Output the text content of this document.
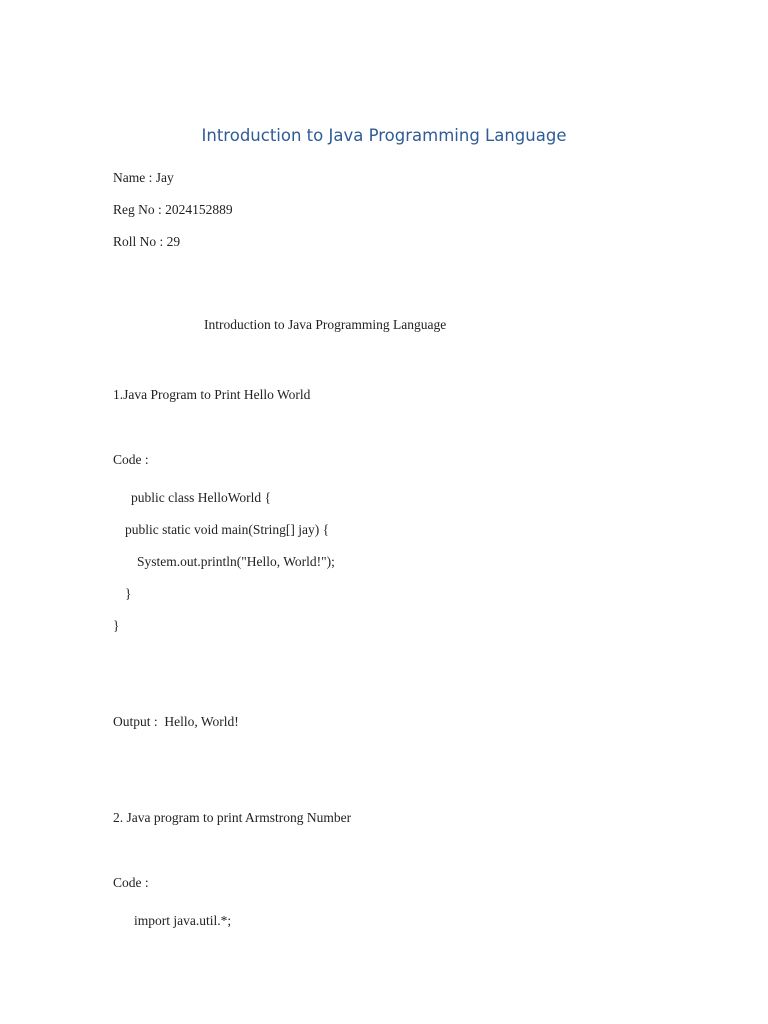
Introduction to Java Programming Language
Name : Jay
Reg No : 2024152889
Roll No : 29
Introduction to Java Programming Language
1.Java Program to Print Hello World
Code :
public class HelloWorld {
public static void main(String[] jay) {
System.out.println("Hello, World!");
}
}
Output :  Hello, World!
2. Java program to print Armstrong Number
Code :
import java.util.*;
